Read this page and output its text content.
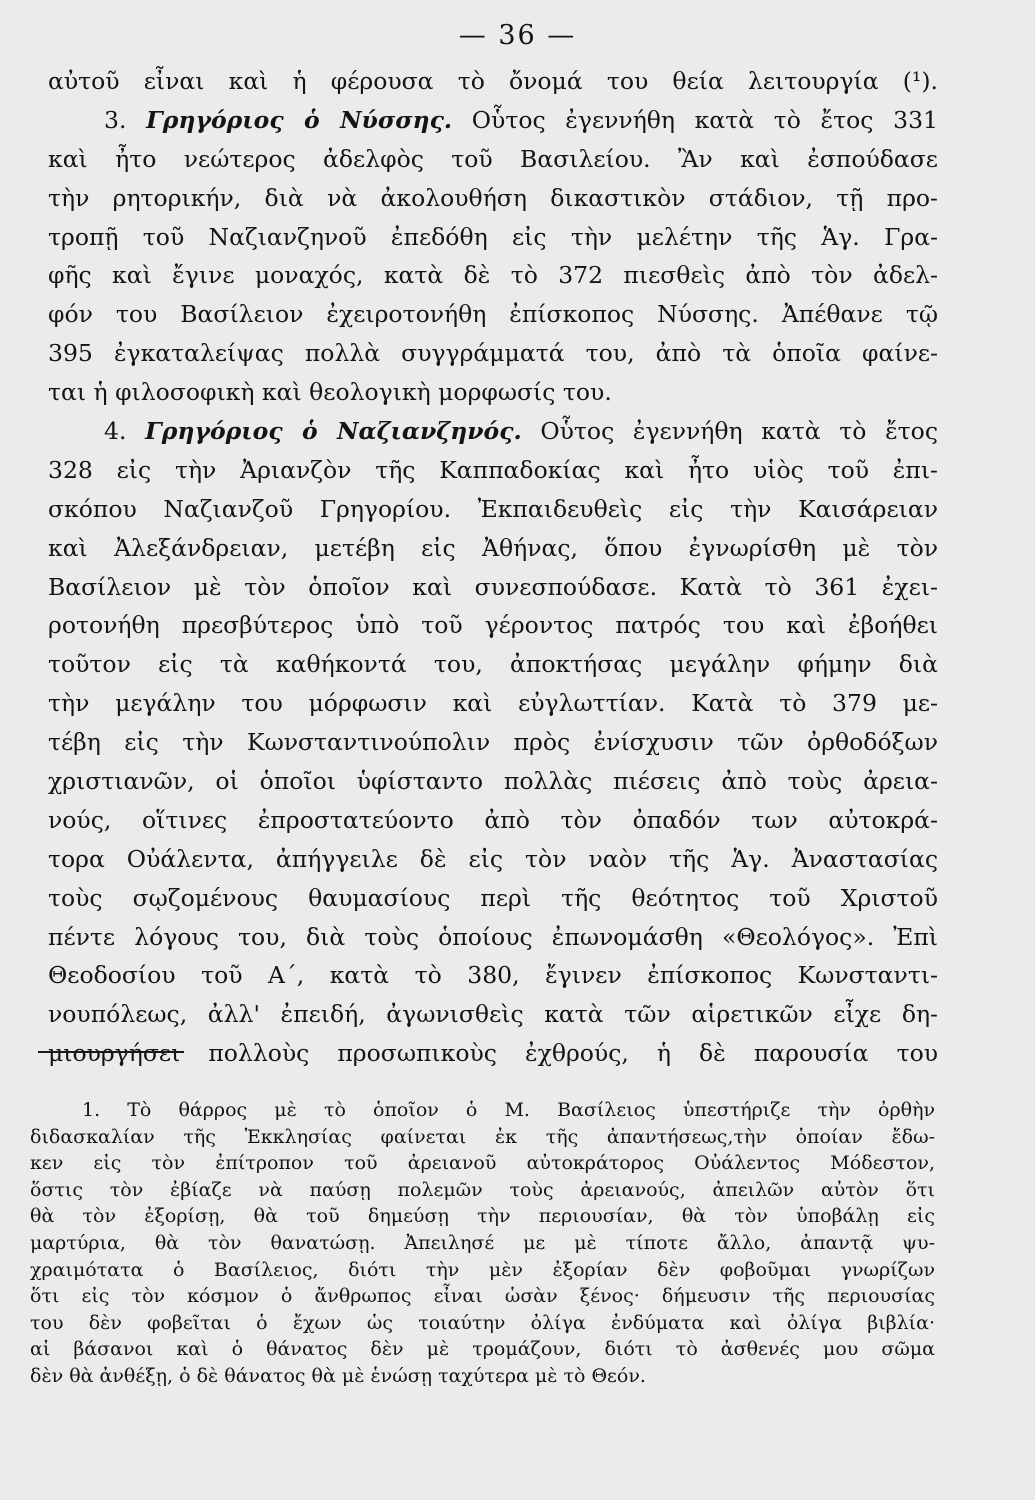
— 36 —
αὐτοῦ εἶναι καὶ ἡ φέρουσα τὸ ὄνομά του θεία λειτουργία (¹).
3. Γρηγόριος ὁ Νύσσης. Οὗτος ἐγεννήθη κατὰ τὸ ἔτος 331
καὶ ἦτο νεώτερος ἀδελφὸς τοῦ Βασιλείου. Ἂν καὶ ἐσπούδασε
τὴν ρητορικήν, διὰ νὰ ἀκολουθήση δικαστικὸν στάδιον, τῇ προ-
τροπῇ τοῦ Ναζιανζηνοῦ ἐπεδόθη εἰς τὴν μελέτην τῆς Ἁγ. Γρα-
φῆς καὶ ἔγινε μοναχός, κατὰ δὲ τὸ 372 πιεσθεὶς ἀπὸ τὸν ἀδελ-
φόν του Βασίλειον ἐχειροτονήθη ἐπίσκοπος Νύσσης. Ἀπέθανε τῷ
395 ἐγκαταλείψας πολλὰ συγγράμματά του, ἀπὸ τὰ ὁποῖα φαίνε-
ται ἡ φιλοσοφικὴ καὶ θεολογικὴ μορφωσίς του.
4. Γρηγόριος ὁ Ναζιανζηνός. Οὗτος ἐγεννήθη κατὰ τὸ ἔτος
328 εἰς τὴν Ἀριανζὸν τῆς Καππαδοκίας καὶ ἦτο υἱὸς τοῦ ἐπι-
σκόπου Ναζιανζοῦ Γρηγορίου. Ἐκπαιδευθεὶς εἰς τὴν Καισάρειαν
καὶ Ἀλεξάνδρειαν, μετέβη εἰς Ἀθήνας, ὅπου ἐγνωρίσθη μὲ τὸν
Βασίλειον μὲ τὸν ὁποῖον καὶ συνεσπούδασε. Κατὰ τὸ 361 ἐχει-
ροτονήθη πρεσβύτερος ὑπὸ τοῦ γέροντος πατρός του καὶ ἐβοήθει
τοῦτον εἰς τὰ καθήκοντά του, ἀποκτήσας μεγάλην φήμην διὰ
τὴν μεγάλην του μόρφωσιν καὶ εὐγλωττίαν. Κατὰ τὸ 379 με-
τέβη εἰς τὴν Κωνσταντινούπολιν πρὸς ἐνίσχυσιν τῶν ὀρθοδόξων
χριστιανῶν, οἱ ὁποῖοι ὑφίσταντο πολλὰς πιέσεις ἀπὸ τοὺς ἀρεια-
νούς, οἵτινες ἐπροστατεύοντο ἀπὸ τὸν ὀπαδόν των αὐτοκρά-
τορα Οὐάλεντα, ἀπήγγειλε δὲ εἰς τὸν ναὸν τῆς Ἁγ. Ἀναστασίας
τοὺς σῳζομένους θαυμασίους περὶ τῆς θεότητος τοῦ Χριστοῦ
πέντε λόγους του, διὰ τοὺς ὁποίους ἐπωνομάσθη «Θεολόγος». Ἐπὶ
Θεοδοσίου τοῦ Α΄, κατὰ τὸ 380, ἔγινεν ἐπίσκοπος Κωνσταντι-
νουπόλεως, ἀλλ' ἐπειδή, ἀγωνισθεὶς κατὰ τῶν αἱρετικῶν εἶχε δη-
μιουργήσει πολλοὺς προσωπικοὺς ἐχθρούς, ἡ δὲ παρουσία του
1. Τὸ θάρρος μὲ τὸ ὁποῖον ὁ Μ. Βασίλειος ὑπεστήριζε τὴν ὀρθὴν
διδασκαλίαν τῆς Ἐκκλησίας φαίνεται ἐκ τῆς ἀπαντήσεως,τὴν ὁποίαν ἔδω-
κεν εἰς τὸν ἐπίτροπον τοῦ ἀρειανοῦ αὐτοκράτορος Οὐάλεντος Μόδεστον,
ὅστις τὸν ἐβίαζε νὰ παύσῃ πολεμῶν τοὺς ἀρειανούς, ἀπειλῶν αὐτὸν ὅτι
θὰ τὸν ἐξορίσῃ, θὰ τοῦ δημεύσῃ τὴν περιουσίαν, θὰ τὸν ὑποβάλῃ εἰς
μαρτύρια, θὰ τὸν θανατώσῃ. Ἀπειλησέ με μὲ τίποτε ἄλλο, ἀπαντᾷ ψυ-
χραιμότατα ὁ Βασίλειος, διότι τὴν μὲν ἐξορίαν δὲν φοβοῦμαι γνωρίζων
ὅτι εἰς τὸν κόσμον ὁ ἄνθρωπος εἶναι ὡσὰν ξένος· δήμευσιν τῆς περιουσίας
του δὲν φοβεῖται ὁ ἔχων ὡς τοιαύτην ὀλίγα ἐνδύματα καὶ ὀλίγα βιβλία·
αἱ βάσανοι καὶ ὁ θάνατος δὲν μὲ τρομάζουν, διότι τὸ ἀσθενές μου σῶμα
δὲν θὰ ἀνθέξῃ, ὁ δὲ θάνατος θὰ μὲ ἑνώσῃ ταχύτερα μὲ τὸ Θεόν.
